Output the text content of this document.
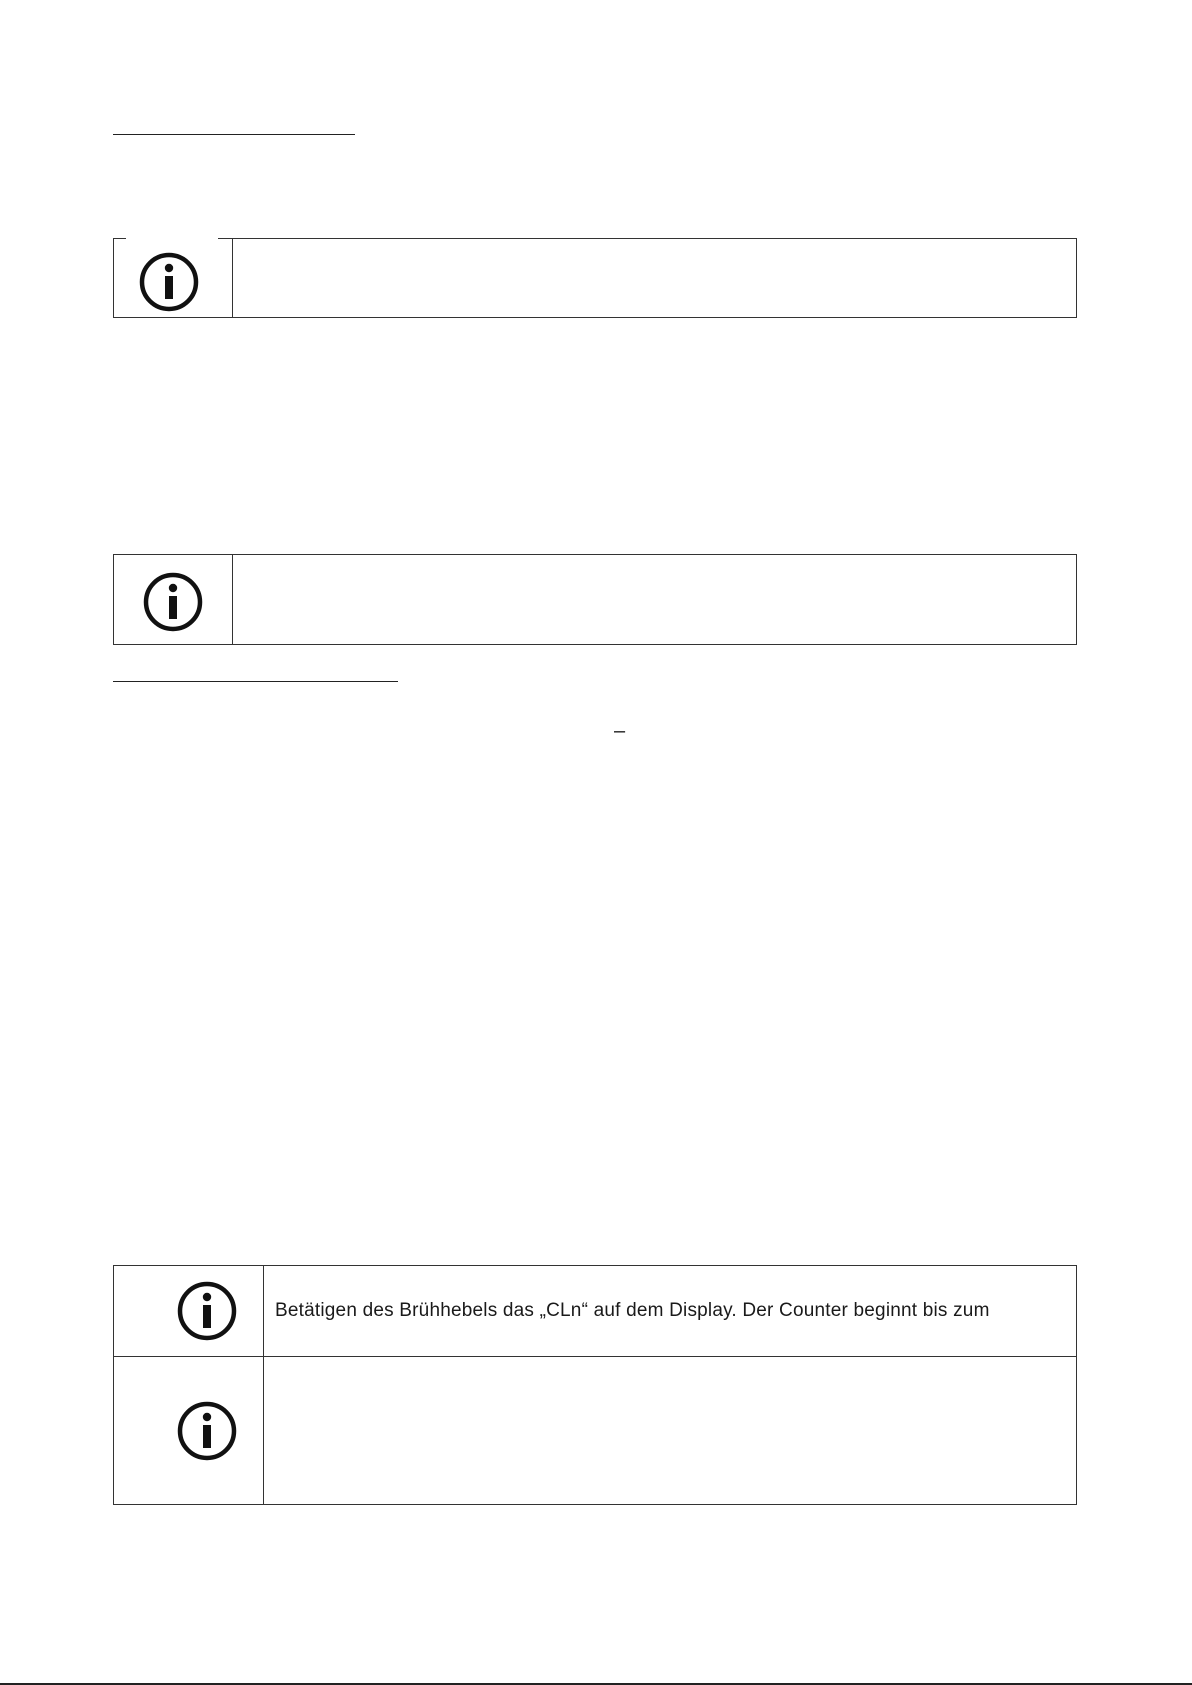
–
Betätigen des Brühhebels das „CLn“ auf dem Display. Der Counter beginnt bis zum
